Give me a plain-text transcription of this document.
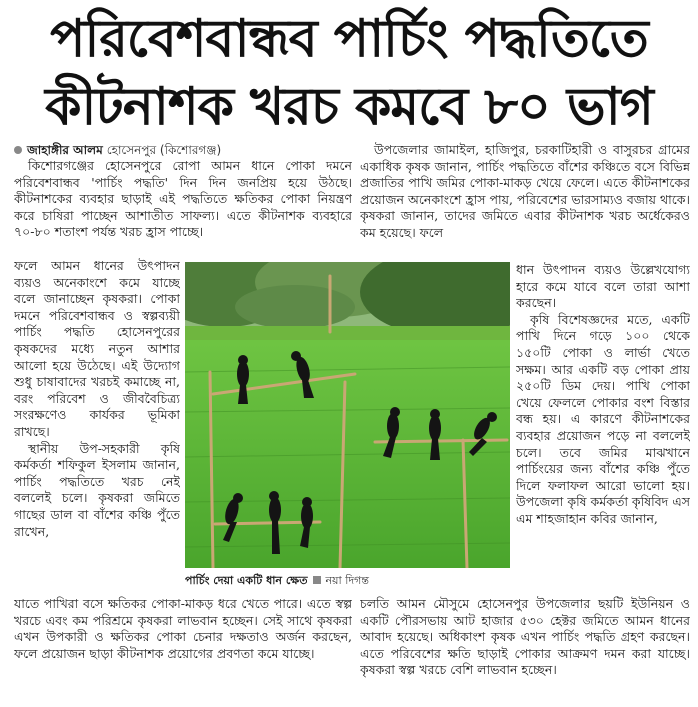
পরিবেশবান্ধব পার্চিং পদ্ধতিতে
কীটনাশক খরচ কমবে ৮০ ভাগ
জাহাঙ্গীর আলম হোসেনপুর (কিশোরগঞ্জ)

কিশোরগঞ্জের হোসেনপুরে রোপা আমন ধানে পোকা দমনে পরিবেশবান্ধব 'পার্চিং পদ্ধতি' দিন দিন জনপ্রিয় হয়ে উঠছে। কীটনাশকের ব্যবহার ছাড়াই এই পদ্ধতিতে ক্ষতিকর পোকা নিয়ন্ত্রণ করে চাষিরা পাচ্ছেন আশাতীত সাফল্য। এতে কীটনাশক ব্যবহারে ৭০-৮০ শতাংশ পর্যন্ত খরচ হ্রাস পাচ্ছে।

ফলে আমন ধানের উৎপাদন ব্যয়ও অনেকাংশে কমে যাচ্ছে বলে জানাচ্ছেন কৃষকরা। পোকা দমনে পরিবেশবান্ধব ও স্বল্পব্যয়ী পার্চিং পদ্ধতি হোসেনপুরের কৃষকদের মধ্যে নতুন আশার আলো হয়ে উঠেছে। এই উদ্যোগ শুধু চাষাবাদের খরচই কমাচ্ছে না, বরং পরিবেশ ও জীববৈচিত্র্য সংরক্ষণেও কার্যকর ভূমিকা রাখছে।

স্থানীয় উপ-সহকারী কৃষি কর্মকর্তা শফিকুল ইসলাম জানান, পার্চিং পদ্ধতিতে খরচ নেই বললেই চলে। কৃষকরা জমিতে গাছের ডাল বা বাঁশের কঞ্চি পুঁতে রাখেন,

যাতে পাখিরা বসে ক্ষতিকর পোকা-মাকড় ধরে খেতে পারে। এতে স্বল্প খরচে এবং কম পরিশ্রমে কৃষকরা লাভবান হচ্ছেন। সেই সাথে কৃষকরা এখন উপকারী ও ক্ষতিকর পোকা চেনার দক্ষতাও অর্জন করছেন, ফলে প্রয়োজন ছাড়া কীটনাশক প্রয়োগের প্রবণতা কমে যাচ্ছে।

উপজেলার জামাইল, হাজিপুর, চরকাটিহারী ও বাসুরচর গ্রামের একাধিক কৃষক জানান, পার্চিং পদ্ধতিতে বাঁশের কঞ্চিতে বসে বিভিন্ন প্রজাতির পাখি জমির পোকা-মাকড় খেয়ে ফেলে। এতে কীটনাশকের প্রয়োজন অনেকাংশে হ্রাস পায়, পরিবেশের ভারসাম্যও বজায় থাকে। কৃষকরা জানান, তাদের জমিতে এবার কীটনাশক খরচ অর্ধেকেরও কম হয়েছে। ফলে

ধান উৎপাদন ব্যয়ও উল্লেখযোগ্য হারে কমে যাবে বলে তারা আশা করছেন।

কৃষি বিশেষজ্ঞদের মতে, একটি পাখি দিনে গড়ে ১০০ থেকে ১৫০টি পোকা ও লার্ভা খেতে সক্ষম। আর একটি বড় পোকা প্রায় ২৫০টি ডিম দেয়। পাখি পোকা খেয়ে ফেললে পোকার বংশ বিস্তার বন্ধ হয়। এ কারণে কীটনাশকের ব্যবহার প্রয়োজন পড়ে না বললেই চলে। তবে জমির মাঝখানে পার্চিংয়ের জন্য বাঁশের কঞ্চি পুঁতে দিলে ফলাফল আরো ভালো হয়। উপজেলা কৃষি কর্মকর্তা কৃষিবিদ এস এম শাহজাহান কবির জানান,

চলতি আমন মৌসুমে হোসেনপুর উপজেলার ছয়টি ইউনিয়ন ও একটি পৌরসভায় আট হাজার ৫৩০ হেক্টর জমিতে আমন ধানের আবাদ হয়েছে। অধিকাংশ কৃষক এখন পার্চিং পদ্ধতি গ্রহণ করছেন। এতে পরিবেশের ক্ষতি ছাড়াই পোকার আক্রমণ দমন করা যাচ্ছে। কৃষকরা স্বল্প খরচে বেশি লাভবান হচ্ছেন।

পার্চিং দেয়া একটি ধান ক্ষেত নয়া দিগন্ত
